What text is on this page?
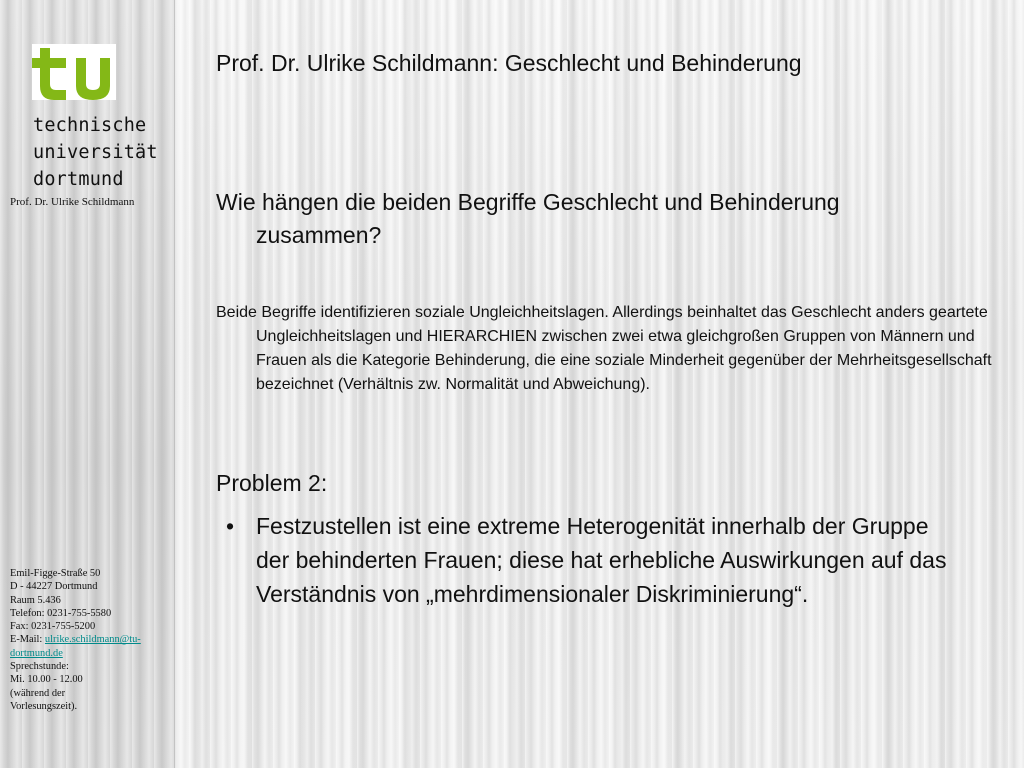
technische
universität
dortmund
Prof. Dr. Ulrike Schildmann
Emil-Figge-Straße 50
D - 44227 Dortmund
Raum 5.436
Telefon: 0231-755-5580
Fax: 0231-755-5200
E-Mail: ulrike.schildmann@tu-
dortmund.de
Sprechstunde:
Mi. 10.00 - 12.00
(während der
Vorlesungszeit).
Prof. Dr. Ulrike Schildmann: Geschlecht und Behinderung
Wie hängen die beiden Begriffe Geschlecht und Behinderung zusammen?
Beide Begriffe identifizieren soziale Ungleichheitslagen. Allerdings beinhaltet das Geschlecht anders geartete Ungleichheitslagen und HIERARCHIEN zwischen zwei etwa gleichgroßen Gruppen von Männern und Frauen als die Kategorie Behinderung, die eine soziale Minderheit gegenüber der Mehrheitsgesellschaft bezeichnet (Verhältnis zw. Normalität und Abweichung).
Problem 2:
• Festzustellen ist eine extreme Heterogenität innerhalb der Gruppe der behinderten Frauen; diese hat erhebliche Auswirkungen auf das Verständnis von „mehrdimensionaler Diskriminierung“.
